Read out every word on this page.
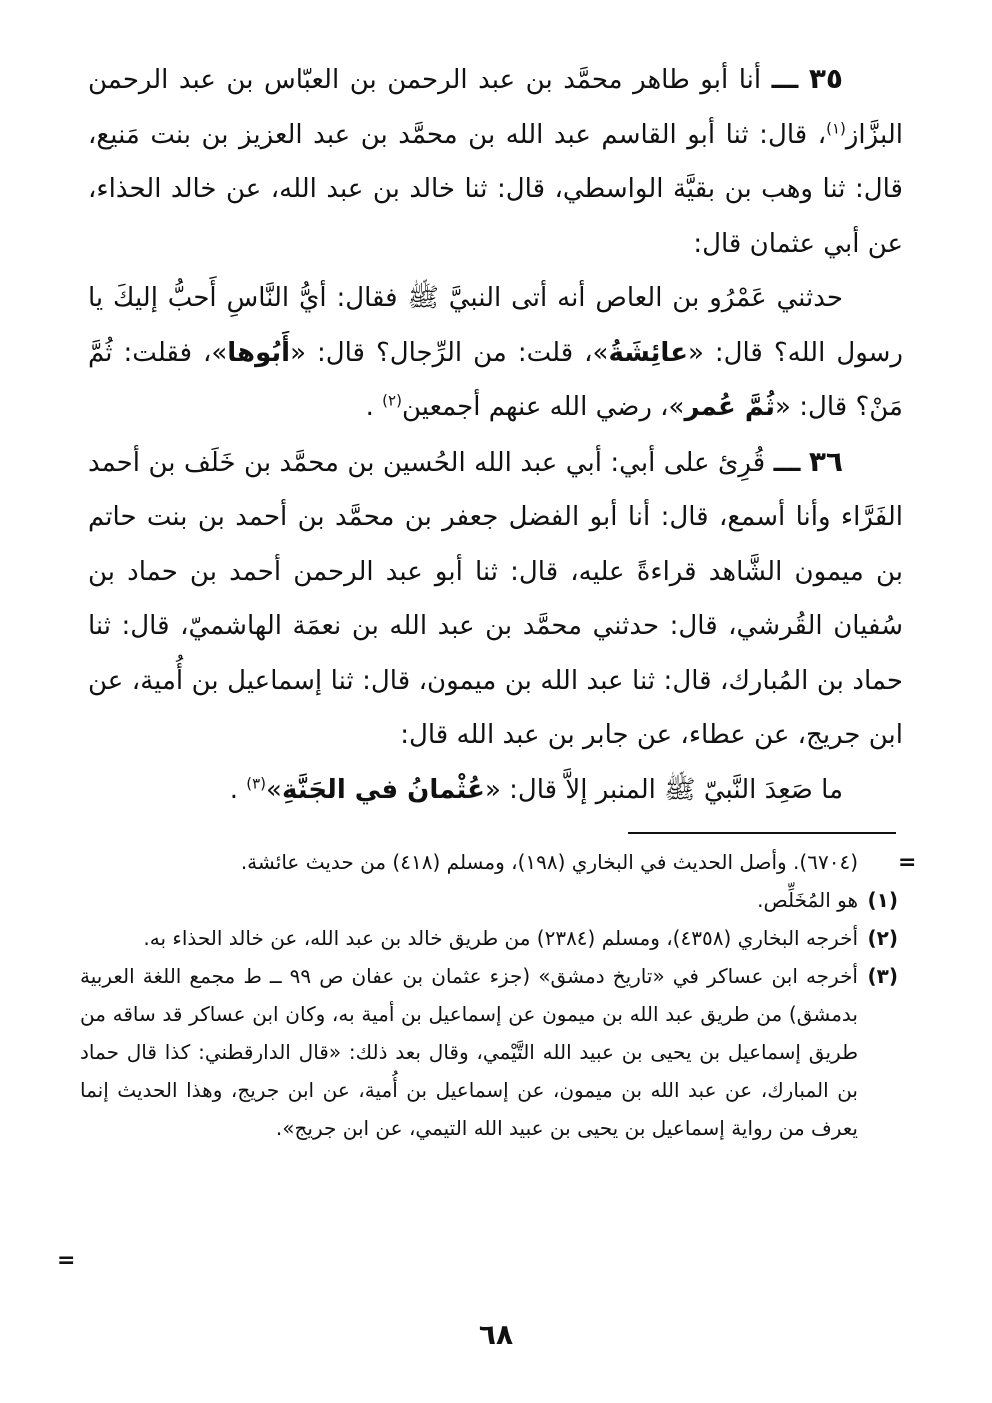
٣٥ ـــ أنا أبو طاهر محمَّد بن عبد الرحمن بن العبّاس بن عبد الرحمن البزَّاز$^{(١)}$، قال: ثنا أبو القاسم عبد الله بن محمَّد بن عبد العزيز بن بنت مَنيع، قال: ثنا وهب بن بقيَّة الواسطي، قال: ثنا خالد بن عبد الله، عن خالد الحذاء، عن أبي عثمان قال:

حدثني عَمْرُو بن العاص أنه أتى النبيَّ ﷺ فقال: أيُّ النَّاسِ أَحبُّ إليكَ يا رسول الله؟ قال: «عائِشَةُ»، قلت: من الرِّجال؟ قال: «أَبُوها»، فقلت: ثُمَّ مَنْ؟ قال: «ثُمَّ عُمر»، رضي الله عنهم أجمعين$^{(٢)}$ .

٣٦ ـــ قُرِئ على أبي: أبي عبد الله الحُسين بن محمَّد بن خَلَف بن أحمد الفَرَّاء وأنا أسمع، قال: أنا أبو الفضل جعفر بن محمَّد بن أحمد بن بنت حاتم بن ميمون الشَّاهد قراءةً عليه، قال: ثنا أبو عبد الرحمن أحمد بن حماد بن سُفيان القُرشي، قال: حدثني محمَّد بن عبد الله بن نعمَة الهاشميّ، قال: ثنا حماد بن المُبارك، قال: ثنا عبد الله بن ميمون، قال: ثنا إسماعيل بن أُمية، عن ابن جريج، عن عطاء، عن جابر بن عبد الله قال:

ما صَعِدَ النَّبيّ ﷺ المنبر إلاَّ قال: «عُثْمانُ في الجَنَّةِ»$^{(٣)}$ .

=

(٦٧٠٤). وأصل الحديث في البخاري (١٩٨)، ومسلم (٤١٨) من حديث عائشة.

(١)
هو المُخَلِّص.
(٢)
أخرجه البخاري (٤٣٥٨)، ومسلم (٢٣٨٤) من طريق خالد بن عبد الله، عن خالد الحذاء به.
(٣)
أخرجه ابن عساكر في «تاريخ دمشق» (جزء عثمان بن عفان ص ٩٩ ــ ط مجمع اللغة العربية بدمشق) من طريق عبد الله بن ميمون عن إسماعيل بن أمية به، وكان ابن عساكر قد ساقه من طريق إسماعيل بن يحيى بن عبيد الله التَّيْمي، وقال بعد ذلك: «قال الدارقطني: كذا قال حماد بن المبارك، عن عبد الله بن ميمون، عن إسماعيل بن أُمية، عن ابن جريج، وهذا الحديث إنما يعرف من رواية إسماعيل بن يحيى بن عبيد الله التيمي، عن ابن جريج».
=
٦٨
